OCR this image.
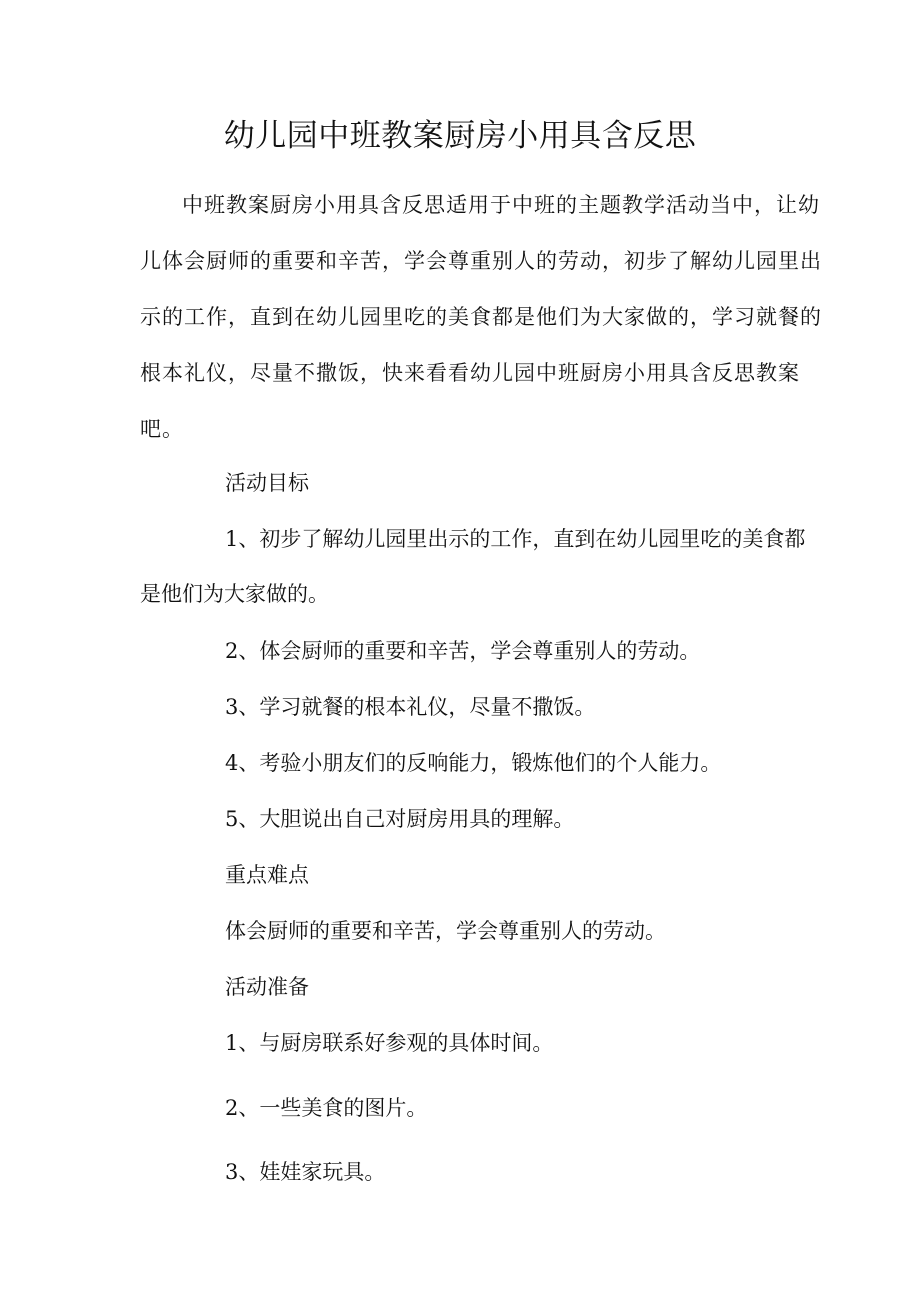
幼儿园中班教案厨房小用具含反思
中班教案厨房小用具含反思适用于中班的主题教学活动当中，让幼
儿体会厨师的重要和辛苦，学会尊重别人的劳动，初步了解幼儿园里出
示的工作，直到在幼儿园里吃的美食都是他们为大家做的，学习就餐的
根本礼仪，尽量不撒饭，快来看看幼儿园中班厨房小用具含反思教案
吧。
活动目标
1、初步了解幼儿园里出示的工作，直到在幼儿园里吃的美食都
是他们为大家做的。
2、体会厨师的重要和辛苦，学会尊重别人的劳动。
3、学习就餐的根本礼仪，尽量不撒饭。
4、考验小朋友们的反响能力，锻炼他们的个人能力。
5、大胆说出自己对厨房用具的理解。
重点难点
体会厨师的重要和辛苦，学会尊重别人的劳动。
活动准备
1、与厨房联系好参观的具体时间。
2、一些美食的图片。
3、娃娃家玩具。
